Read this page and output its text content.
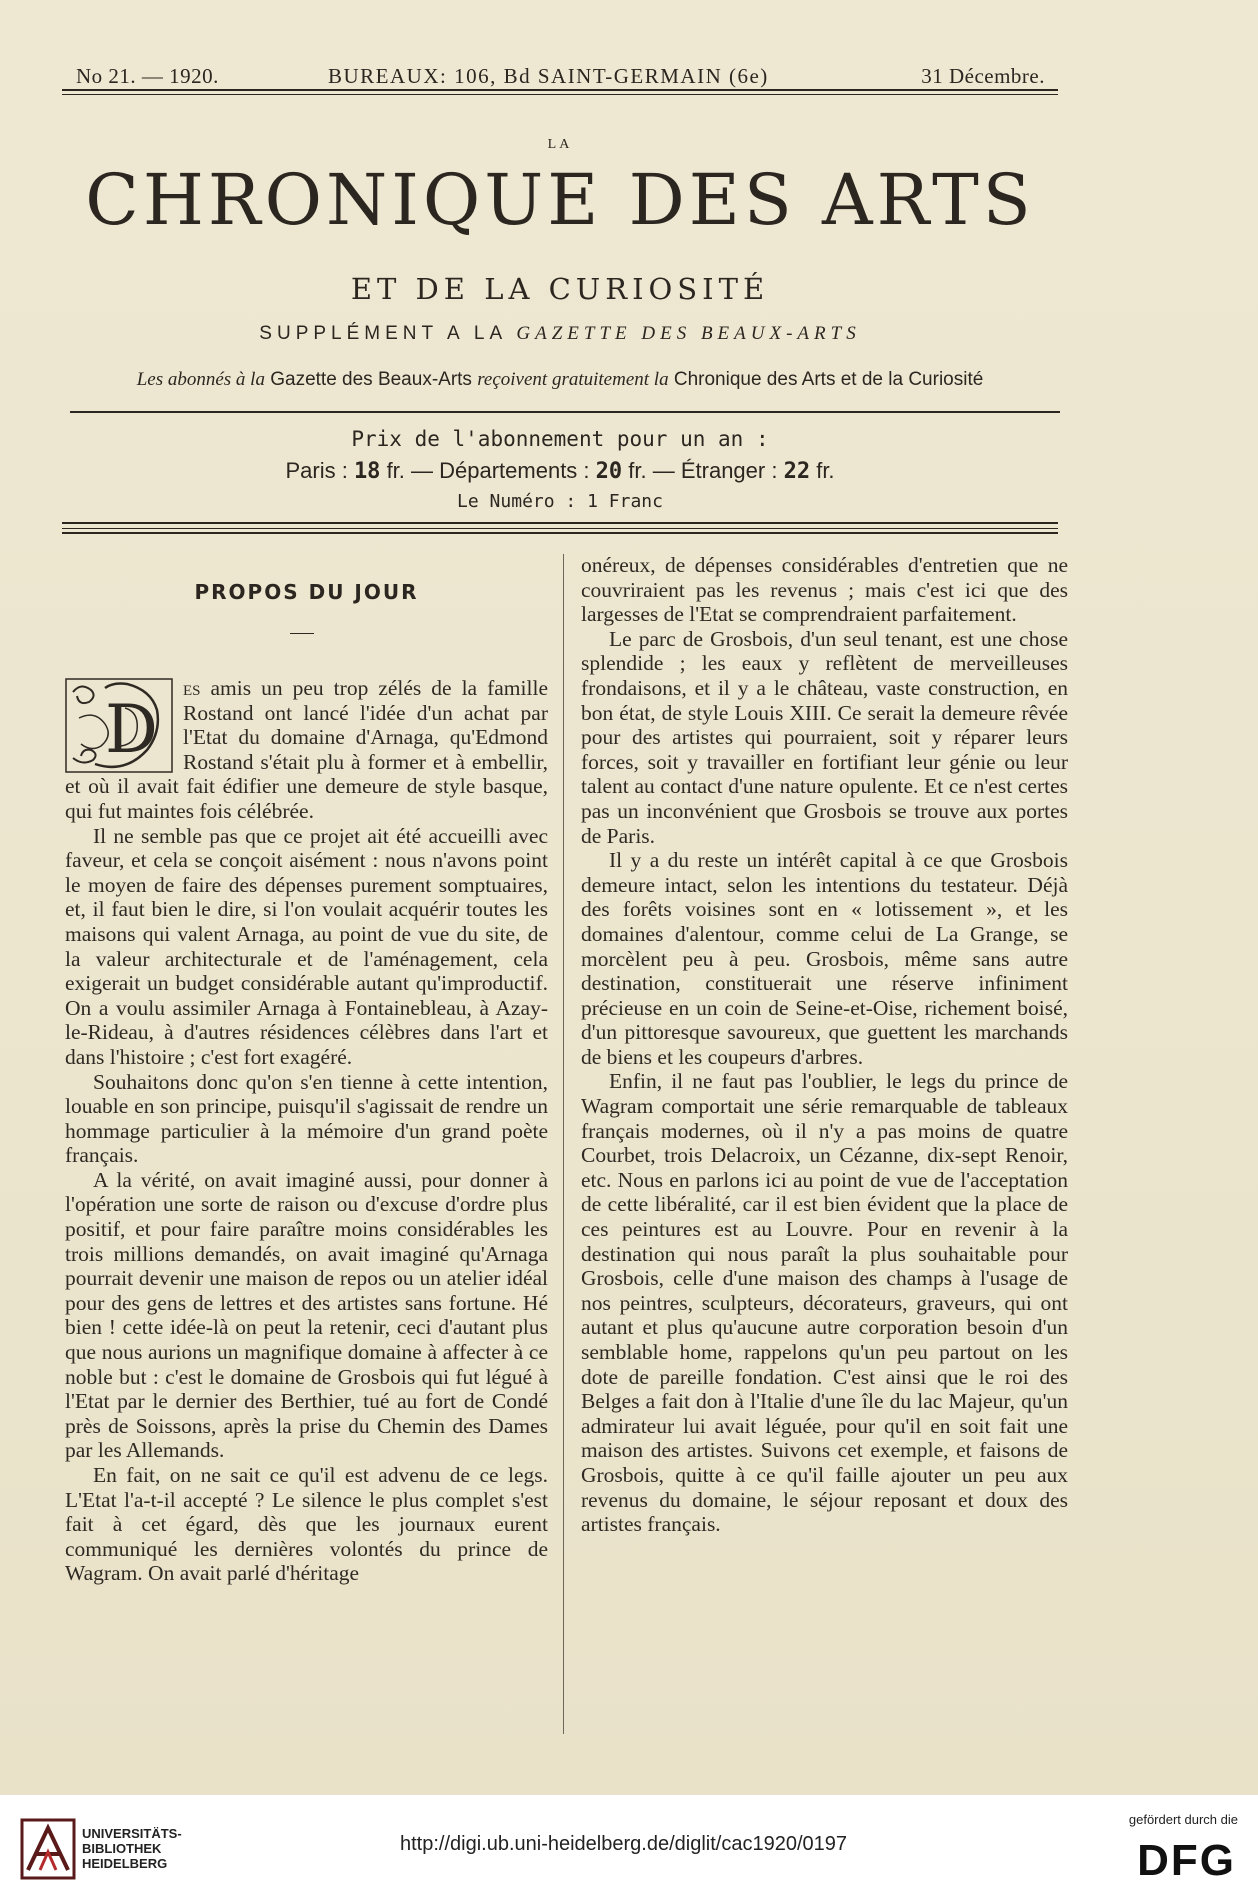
No 21. — 1920.	BUREAUX: 106, Bd SAINT-GERMAIN (6e)	31 Décembre.
LA
CHRONIQUE DES ARTS
ET DE LA CURIOSITÉ
SUPPLÉMENT A LA GAZETTE DES BEAUX-ARTS
Les abonnés à la Gazette des Beaux-Arts reçoivent gratuitement la Chronique des Arts et de la Curiosité
Prix de l'abonnement pour un an :
Paris : 18 fr. — Départements : 20 fr. — Étranger : 22 fr.
Le Numéro : 1 Franc
PROPOS DU JOUR
D

es amis un peu trop zélés de la famille Rostand ont lancé l'idée d'un achat par l'Etat du domaine d'Arnaga, qu'Edmond Rostand s'était plu à former et à embellir, et où il avait fait édifier une demeure de style basque, qui fut maintes fois célébrée.

Il ne semble pas que ce projet ait été accueilli avec faveur, et cela se conçoit aisément : nous n'avons point le moyen de faire des dépenses purement somptuaires, et, il faut bien le dire, si l'on voulait acquérir toutes les maisons qui valent Arnaga, au point de vue du site, de la valeur architecturale et de l'aménagement, cela exigerait un budget considérable autant qu'improductif. On a voulu assimiler Arnaga à Fontainebleau, à Azay-le-Rideau, à d'autres résidences célèbres dans l'art et dans l'histoire ; c'est fort exagéré.

Souhaitons donc qu'on s'en tienne à cette intention, louable en son principe, puisqu'il s'agissait de rendre un hommage particulier à la mémoire d'un grand poète français.

A la vérité, on avait imaginé aussi, pour donner à l'opération une sorte de raison ou d'excuse d'ordre plus positif, et pour faire paraître moins considérables les trois millions demandés, on avait imaginé qu'Arnaga pourrait devenir une maison de repos ou un atelier idéal pour des gens de lettres et des artistes sans fortune. Hé bien ! cette idée-là on peut la retenir, ceci d'autant plus que nous aurions un magnifique domaine à affecter à ce noble but : c'est le domaine de Grosbois qui fut légué à l'Etat par le dernier des Berthier, tué au fort de Condé près de Soissons, après la prise du Chemin des Dames par les Allemands.

En fait, on ne sait ce qu'il est advenu de ce legs. L'Etat l'a-t-il accepté ? Le silence le plus complet s'est fait à cet égard, dès que les journaux eurent communiqué les dernières volontés du prince de Wagram. On avait parlé d'héritage

onéreux, de dépenses considérables d'entretien que ne couvriraient pas les revenus ; mais c'est ici que des largesses de l'Etat se comprendraient parfaitement.

Le parc de Grosbois, d'un seul tenant, est une chose splendide ; les eaux y reflètent de merveilleuses frondaisons, et il y a le château, vaste construction, en bon état, de style Louis XIII. Ce serait la demeure rêvée pour des artistes qui pourraient, soit y réparer leurs forces, soit y travailler en fortifiant leur génie ou leur talent au contact d'une nature opulente. Et ce n'est certes pas un inconvénient que Grosbois se trouve aux portes de Paris.

Il y a du reste un intérêt capital à ce que Grosbois demeure intact, selon les intentions du testateur. Déjà des forêts voisines sont en « lotissement », et les domaines d'alentour, comme celui de La Grange, se morcèlent peu à peu. Grosbois, même sans autre destination, constituerait une réserve infiniment précieuse en un coin de Seine-et-Oise, richement boisé, d'un pittoresque savoureux, que guettent les marchands de biens et les coupeurs d'arbres.

Enfin, il ne faut pas l'oublier, le legs du prince de Wagram comportait une série remarquable de tableaux français modernes, où il n'y a pas moins de quatre Courbet, trois Delacroix, un Cézanne, dix-sept Renoir, etc. Nous en parlons ici au point de vue de l'acceptation de cette libéralité, car il est bien évident que la place de ces peintures est au Louvre. Pour en revenir à la destination qui nous paraît la plus souhaitable pour Grosbois, celle d'une maison des champs à l'usage de nos peintres, sculpteurs, décorateurs, graveurs, qui ont autant et plus qu'aucune autre corporation besoin d'un semblable home, rappelons qu'un peu partout on les dote de pareille fondation. C'est ainsi que le roi des Belges a fait don à l'Italie d'une île du lac Majeur, qu'un admirateur lui avait léguée, pour qu'il en soit fait une maison des artistes. Suivons cet exemple, et faisons de Grosbois, quitte à ce qu'il faille ajouter un peu aux revenus du domaine, le séjour reposant et doux des artistes français.

UNIVERSITÄTS-
BIBLIOTHEK
HEIDELBERG
http://digi.ub.uni-heidelberg.de/diglit/cac1920/0197
gefördert durch die
DFG
